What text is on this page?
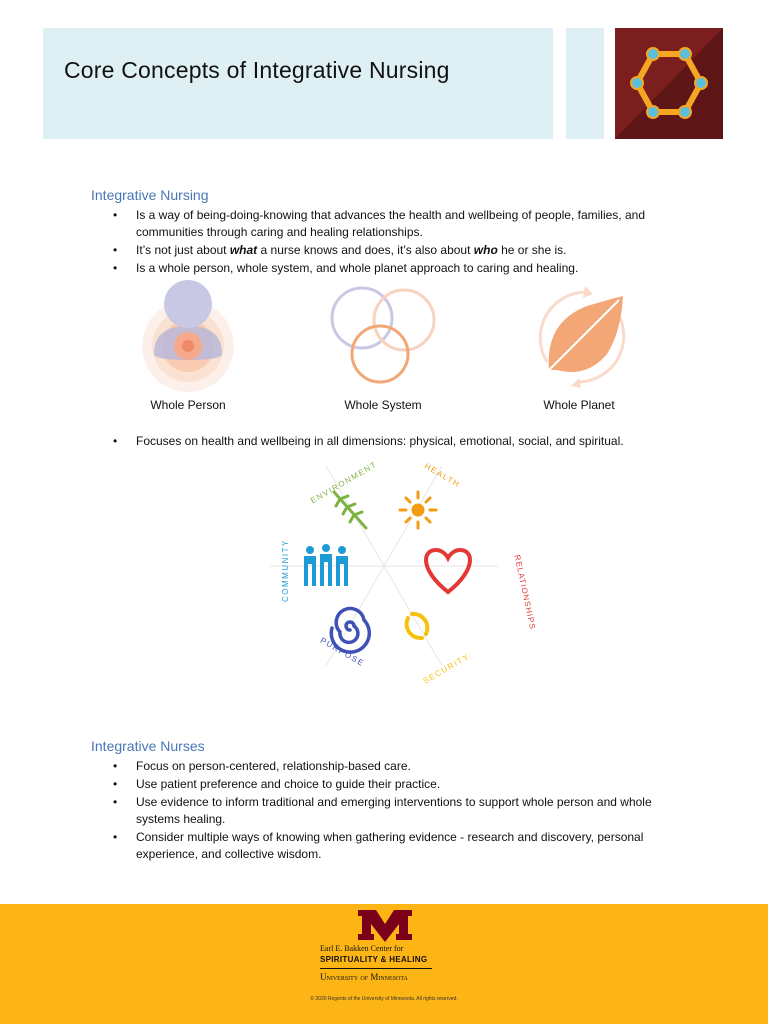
Core Concepts of Integrative Nursing
Integrative Nursing
• Is a way of being-doing-knowing that advances the health and wellbeing of people, families, and communities through caring and healing relationships.
• It’s not just about what a nurse knows and does, it’s also about who he or she is.
• Is a whole person, whole system, and whole planet approach to caring and healing.
Whole Person	Whole System	Whole Planet
• Focuses on health and wellbeing in all dimensions: physical, emotional, social, and spiritual.
ENVIRONMENT	HEALTH
RELATIONSHIPS
SECURITY
PURPOSE
COMMUNITY
Integrative Nurses
• Focus on person-centered, relationship-based care.
• Use patient preference and choice to guide their practice.
• Use evidence to inform traditional and emerging interventions to support whole person and whole systems healing.
• Consider multiple ways of knowing when gathering evidence - research and discovery, personal experience, and collective wisdom.
Earl E. Bakken Center for
SPIRITUALITY & HEALING
University of Minnesota
© 2020 Regents of the University of Minnesota. All rights reserved.
